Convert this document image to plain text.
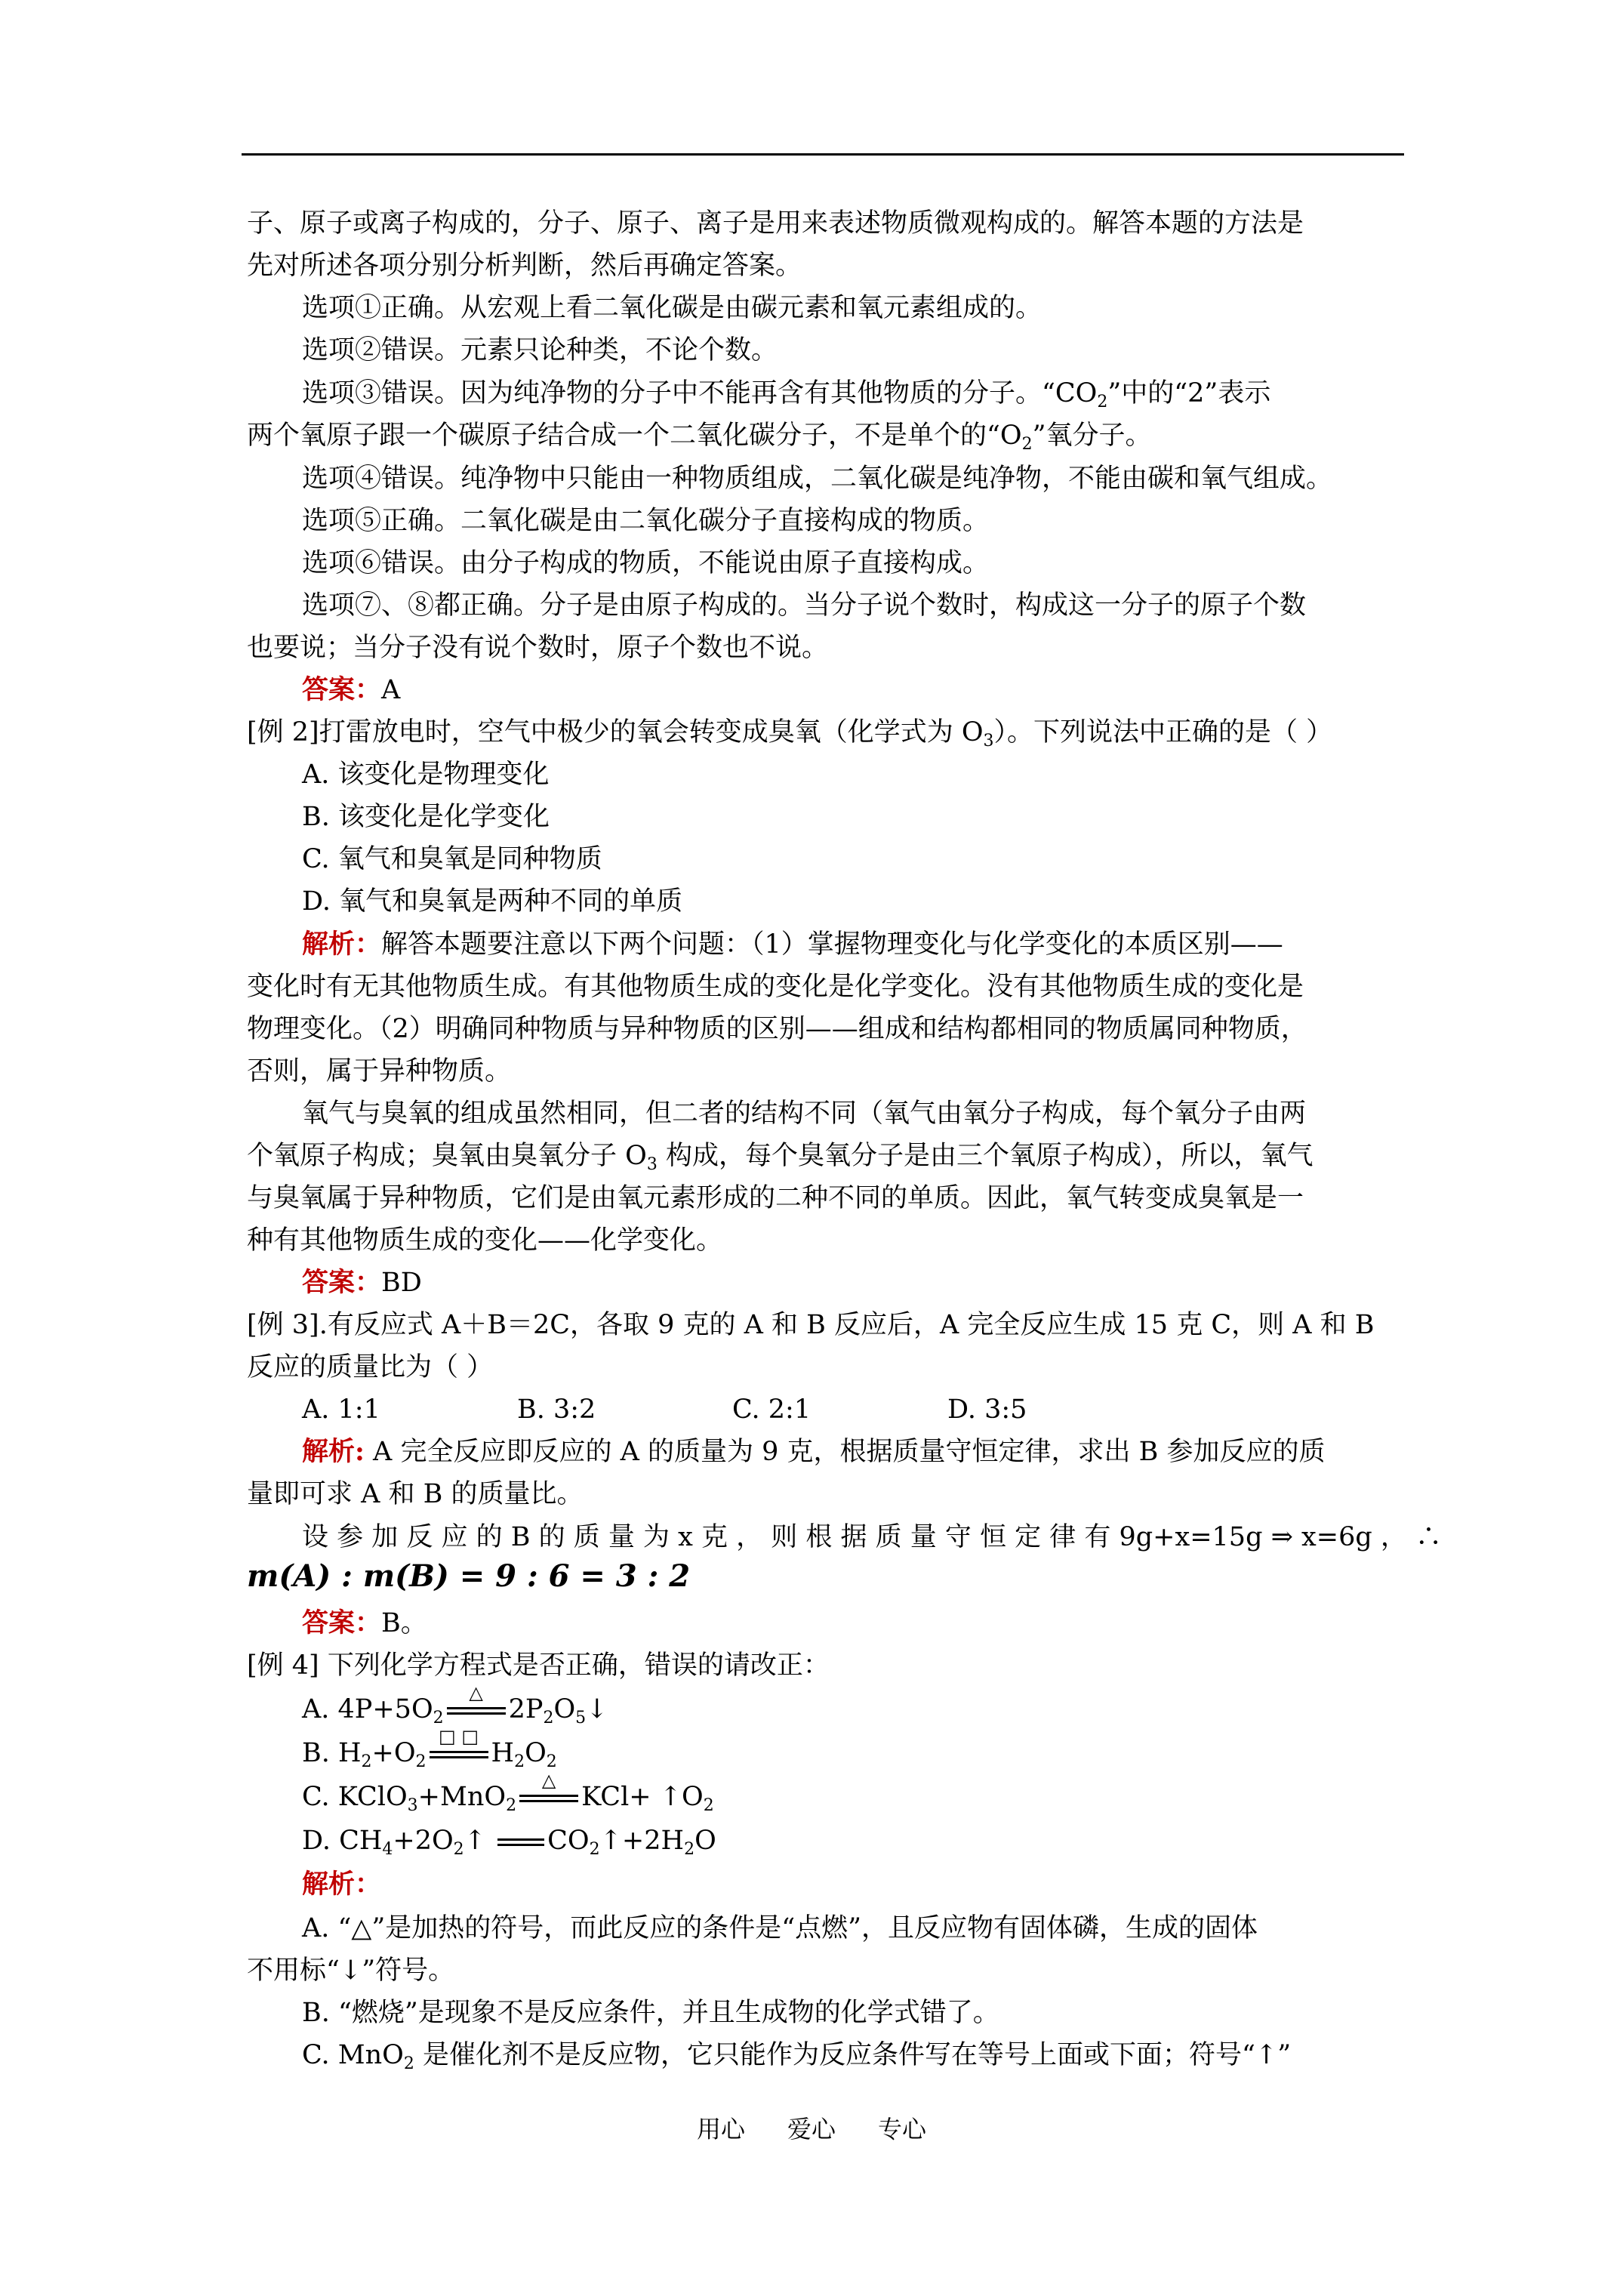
子、原子或离子构成的，分子、原子、离子是用来表述物质微观构成的。解答本题的方法是
先对所述各项分别分析判断，然后再确定答案。
选项①正确。从宏观上看二氧化碳是由碳元素和氧元素组成的。
选项②错误。元素只论种类，不论个数。
选项③错误。因为纯净物的分子中不能再含有其他物质的分子。“$CO_2$”中的“2”表示
两个氧原子跟一个碳原子结合成一个二氧化碳分子，不是单个的“$O_2$”氧分子。
选项④错误。纯净物中只能由一种物质组成，二氧化碳是纯净物，不能由碳和氧气组成。
选项⑤正确。二氧化碳是由二氧化碳分子直接构成的物质。
选项⑥错误。由分子构成的物质，不能说由原子直接构成。
选项⑦、⑧都正确。分子是由原子构成的。当分子说个数时，构成这一分子的原子个数
也要说；当分子没有说个数时，原子个数也不说。
答案：A
[例 2]打雷放电时，空气中极少的氧会转变成臭氧（化学式为 $O_3$）。下列说法中正确的是（ ）
A. 该变化是物理变化
B. 该变化是化学变化
C. 氧气和臭氧是同种物质
D. 氧气和臭氧是两种不同的单质
解析：解答本题要注意以下两个问题：（1）掌握物理变化与化学变化的本质区别——
变化时有无其他物质生成。有其他物质生成的变化是化学变化。没有其他物质生成的变化是
物理变化。（2）明确同种物质与异种物质的区别——组成和结构都相同的物质属同种物质，
否则，属于异种物质。
氧气与臭氧的组成虽然相同，但二者的结构不同（氧气由氧分子构成，每个氧分子由两
个氧原子构成；臭氧由臭氧分子 $O_3$ 构成，每个臭氧分子是由三个氧原子构成），所以，氧气
与臭氧属于异种物质，它们是由氧元素形成的二种不同的单质。因此，氧气转变成臭氧是一
种有其他物质生成的变化——化学变化。
答案：BD
[例 3].有反应式 A＋B＝2C，各取 9 克的 A 和 B 反应后，A 完全反应生成 15 克 C，则 A 和 B
反应的质量比为（ ）
A. 1:1	B. 3:2	C. 2:1	D. 3:5
解析: A 完全反应即反应的 A 的质量为 9 克，根据质量守恒定律，求出 B 参加反应的质
量即可求 A 和 B 的质量比。
设 参 加 反 应 的 B 的 质 量 为 x 克 ， 则 根 据 质 量 守 恒 定 律 有 9g+x=15g ⇒ x=6g ， ∴
m(A) : m(B) = 9 : 6 = 3 : 2
答案：B。
[例 4] 下列化学方程式是否正确，错误的请改正：
A. $4P+5O_2$
△
$2P_2O_5↓$
B. $H_2+O_2$
□ □
$H_2O_2$
C. KClO$_3$+MnO$_2$
△
$KCl+ ↑O_2$
D. $CH_4+2O_2↑$
$CO_2↑+2H_2O$
解析：
A. “△”是加热的符号，而此反应的条件是“点燃”，且反应物有固体磷，生成的固体
不用标“↓”符号。
B. “燃烧”是现象不是反应条件，并且生成物的化学式错了。
C. MnO$_2$ 是催化剂不是反应物，它只能作为反应条件写在等号上面或下面；符号“↑”
用心 爱心 专心
